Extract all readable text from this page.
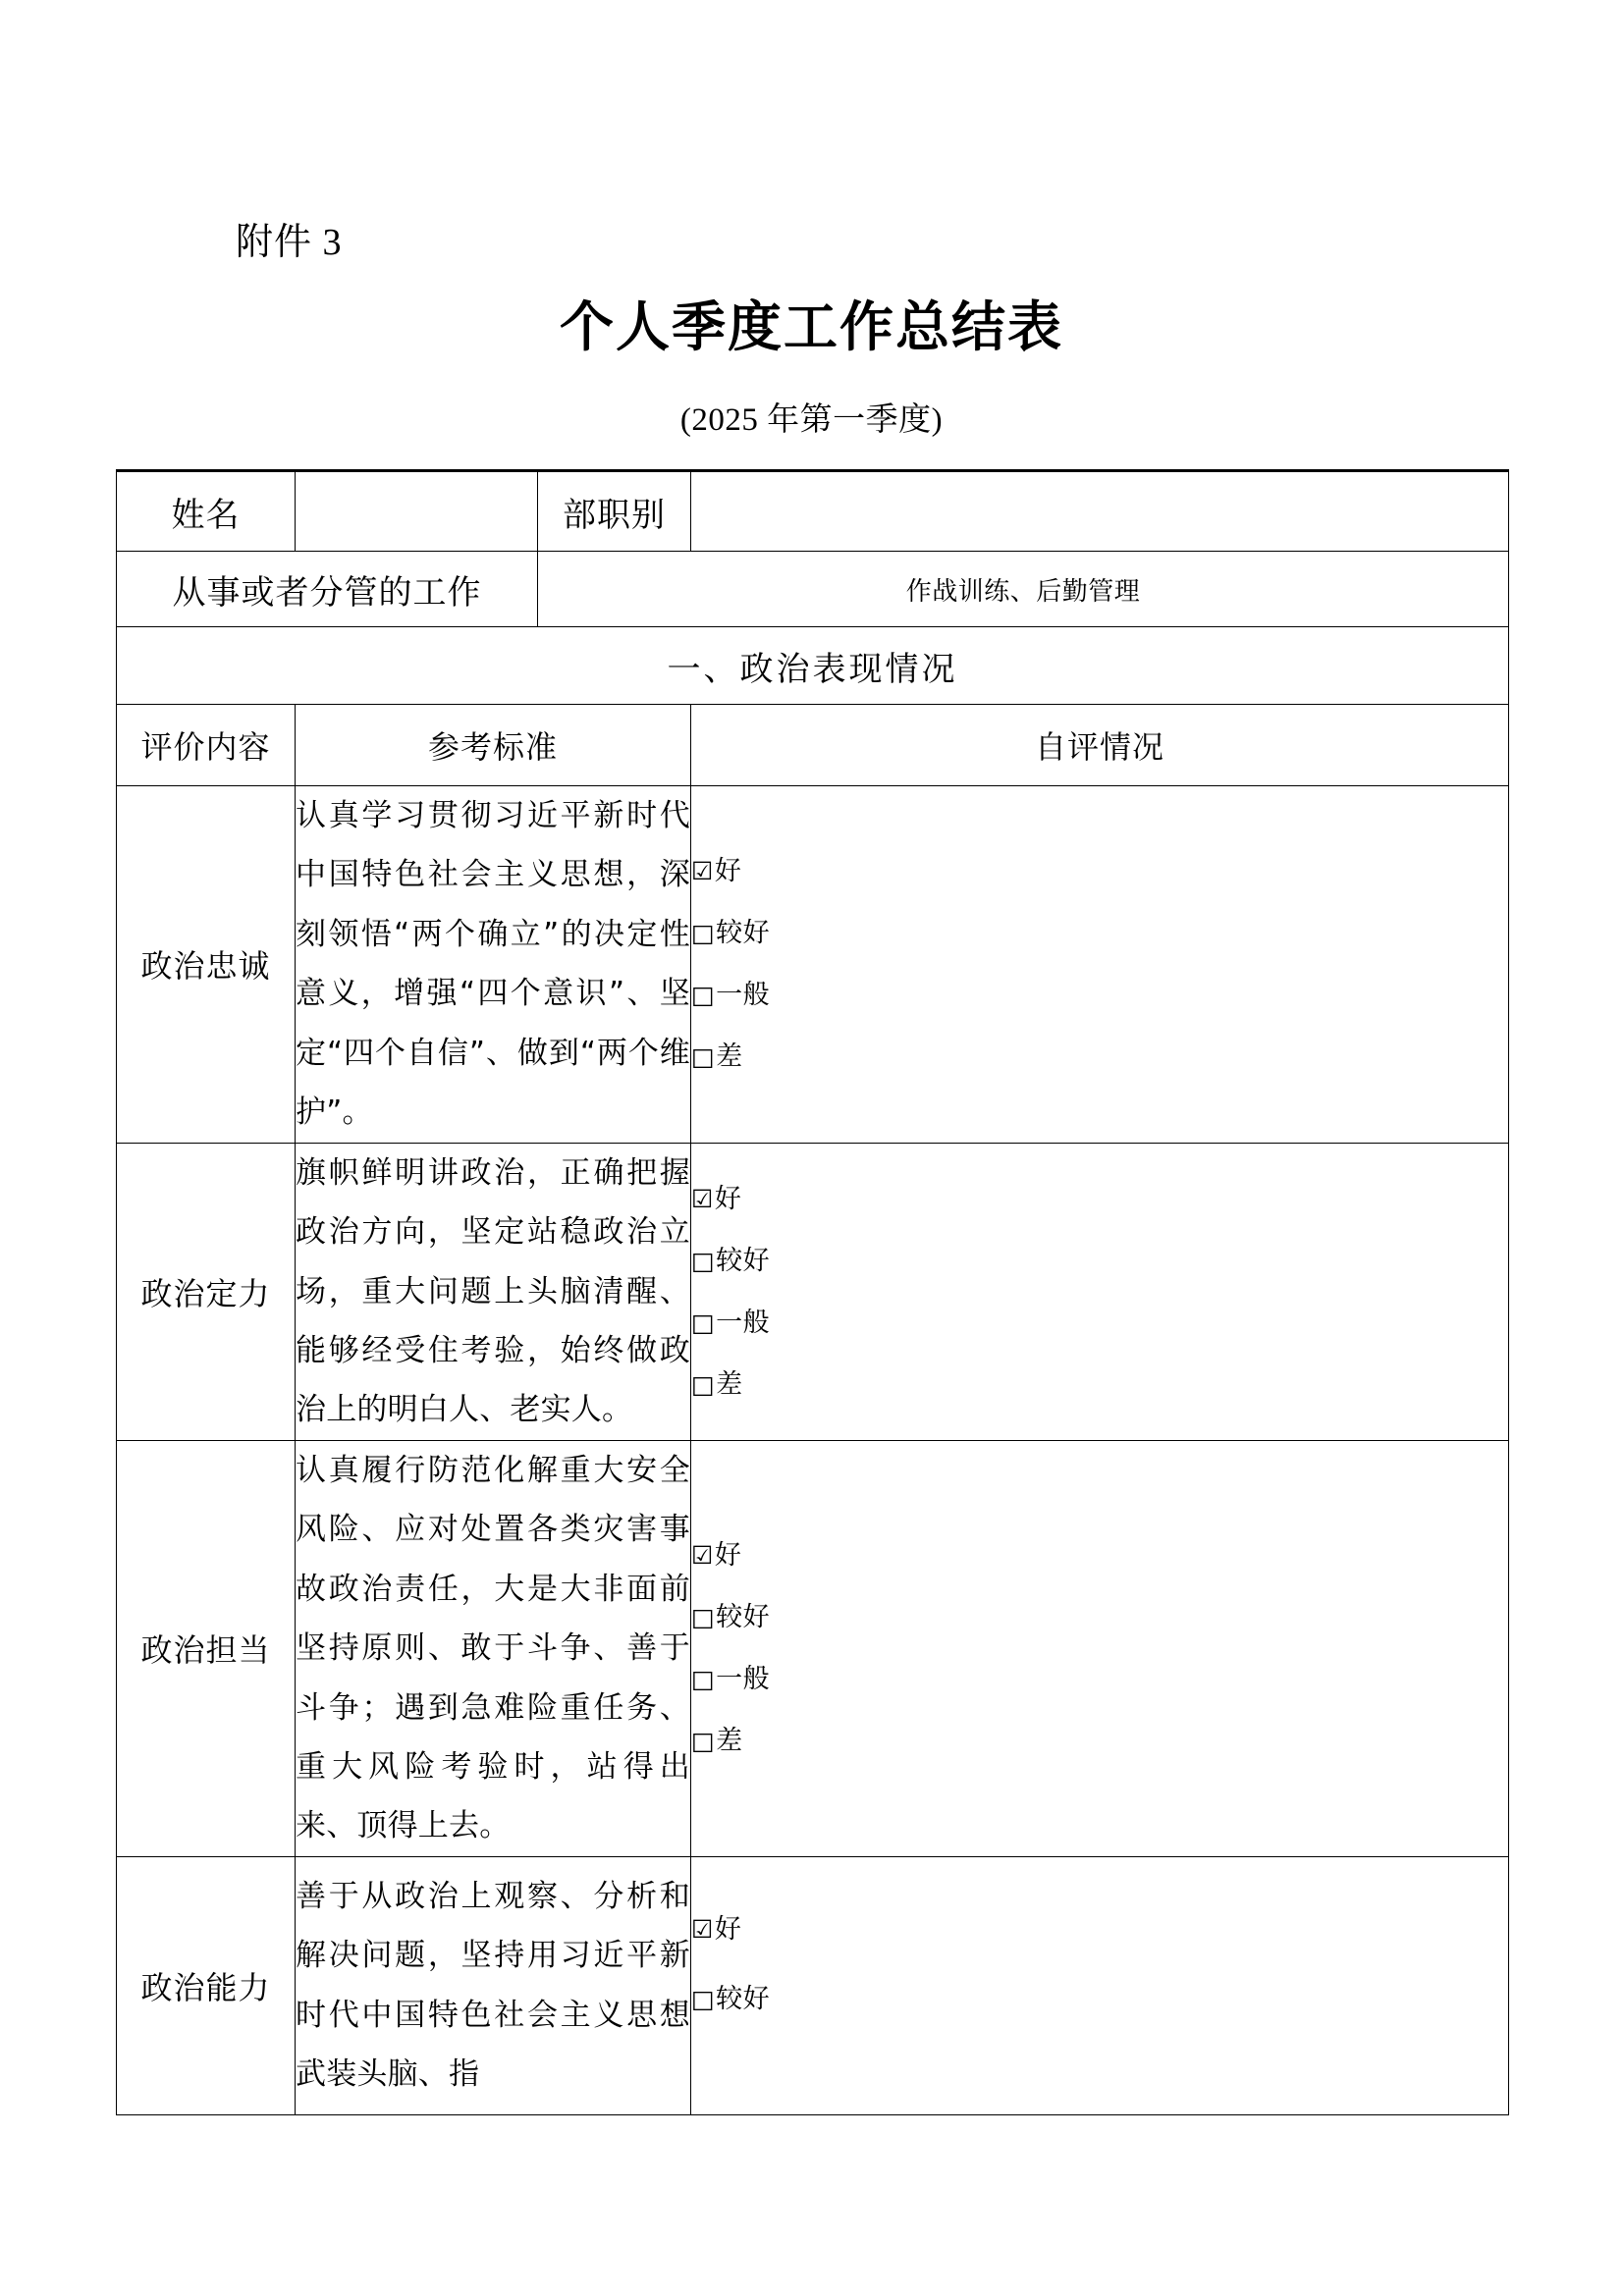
附件 3
个人季度工作总结表
(2025 年第一季度)
姓名		部职别	
从事或者分管的工作		作战训练、后勤管理	
一、政治表现情况			
评价内容	参考标准		自评情况
政治忠诚	认真学习贯彻习近平新时代中国特色社会主义思想，深刻领悟“两个确立”的决定性意义，增强“四个意识”、坚定“四个自信”、做到“两个维护”。		☑好
□较好
□一般
□差

政治定力	旗帜鲜明讲政治，正确把握政治方向，坚定站稳政治立场，重大问题上头脑清醒、能够经受住考验，始终做政治上的明白人、老实人。		☑好
□较好
□一般
□差

政治担当	认真履行防范化解重大安全风险、应对处置各类灾害事故政治责任，大是大非面前坚持原则、敢于斗争、善于斗争；遇到急难险重任务、重大风险考验时，站得出来、顶得上去。		☑好
□较好
□一般
□差

政治能力	善于从政治上观察、分析和解决问题，坚持用习近平新时代中国特色社会主义思想武装头脑、指		☑好
□较好
